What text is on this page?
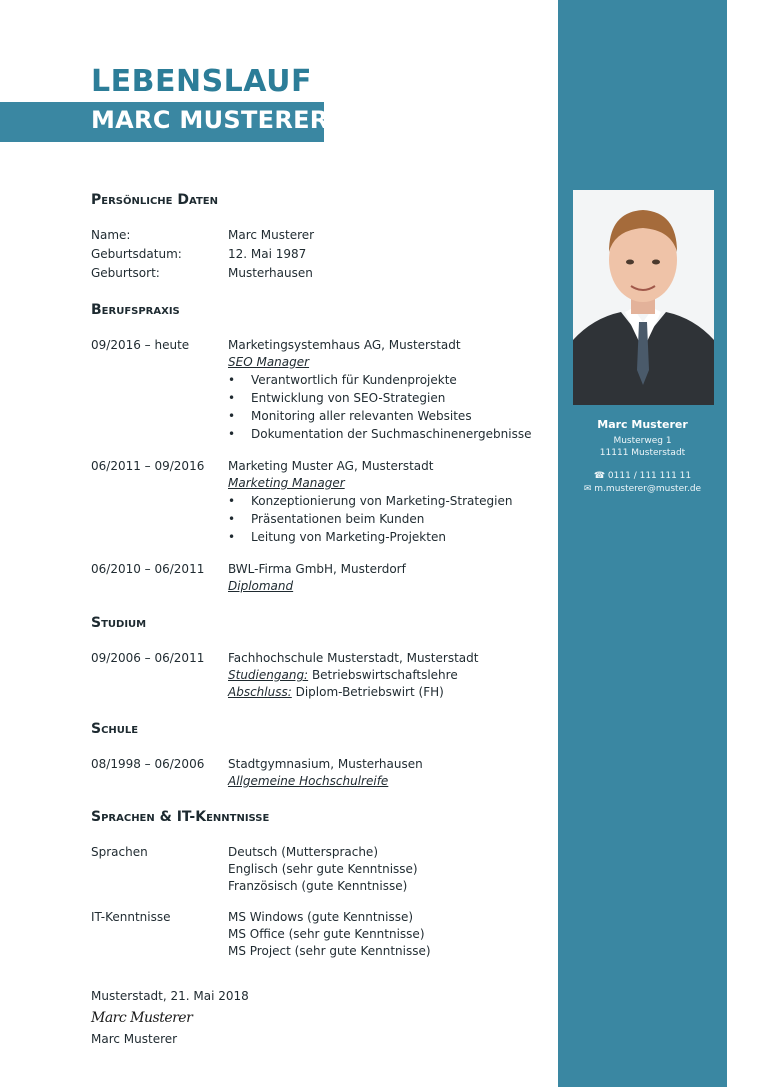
Marc Musterer
Musterweg 1
11111 Musterstadt
☎ 0111 / 111 111 11
✉ m.musterer@muster.de
LEBENSLAUF
MARC MUSTERER
Persönliche Daten
Name:	Marc Musterer
Geburtsdatum:	12. Mai 1987
Geburtsort:	Musterhausen
Berufspraxis
09/2016 – heute	Marketingsystemhaus AG, Musterstadt
SEO Manager
• Verantwortlich für Kundenprojekte
• Entwicklung von SEO-Strategien
• Monitoring aller relevanten Websites
• Dokumentation der Suchmaschinenergebnisse
06/2011 – 09/2016 Marketing Muster AG, Musterstadt
Marketing Manager
• Konzeptionierung von Marketing-Strategien
• Präsentationen beim Kunden
• Leitung von Marketing-Projekten
06/2010 – 06/2011 BWL-Firma GmbH, Musterdorf
Diplomand
Studium
09/2006 – 06/2011 Fachhochschule Musterstadt, Musterstadt
Studiengang: Betriebswirtschaftslehre
Abschluss: Diplom-Betriebswirt (FH)
Schule
08/1998 – 06/2006 Stadtgymnasium, Musterhausen
Allgemeine Hochschulreife
Sprachen & IT-Kenntnisse
Sprachen	Deutsch (Muttersprache)
Englisch (sehr gute Kenntnisse)
Französisch (gute Kenntnisse)
IT-Kenntnisse	MS Windows (gute Kenntnisse)
MS Office (sehr gute Kenntnisse)
MS Project (sehr gute Kenntnisse)
Musterstadt, 21. Mai 2018
Marc Musterer
Marc Musterer
